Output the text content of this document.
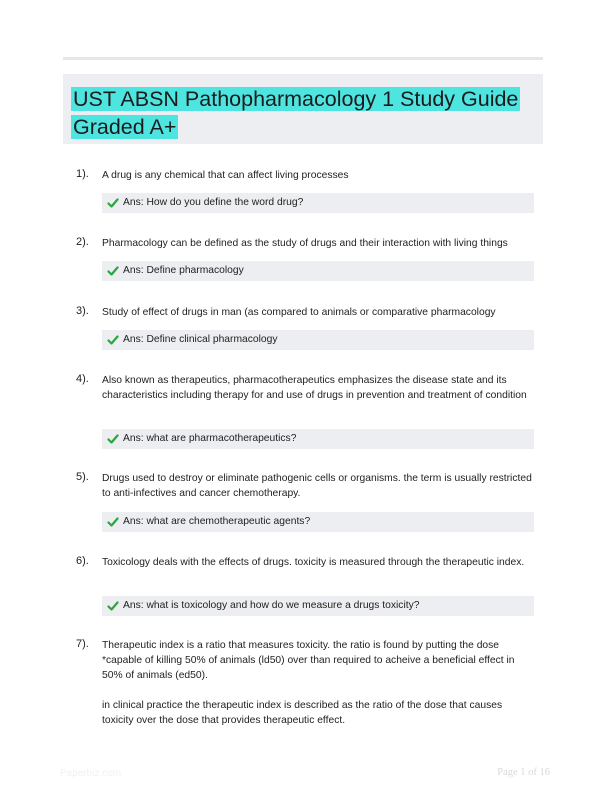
UST ABSN Pathopharmacology 1 Study Guide Graded A+
1). A drug is any chemical that can affect living processes

Ans: How do you define the word drug?
2). Pharmacology can be defined as the study of drugs and their interaction with living things

Ans: Define pharmacology
3). Study of effect of drugs in man (as compared to animals or comparative pharmacology

Ans: Define clinical pharmacology
4). Also known as therapeutics, pharmacotherapeutics emphasizes the disease state and its characteristics including therapy for and use of drugs in prevention and treatment of condition

Ans: what are pharmacotherapeutics?
5). Drugs used to destroy or eliminate pathogenic cells or organisms. the term is usually restricted to anti-infectives and cancer chemotherapy.

Ans: what are chemotherapeutic agents?
6). Toxicology deals with the effects of drugs. toxicity is measured through the therapeutic index.

Ans: what is toxicology and how do we measure a drugs toxicity?
7). Therapeutic index is a ratio that measures toxicity. the ratio is found by putting the dose *capable of killing 50% of animals (ld50) over than required to acheive a beneficial effect in 50% of animals (ed50).

in clinical practice the therapeutic index is described as the ratio of the dose that causes toxicity over the dose that provides therapeutic effect.

Paperbiz.com	Page 1 of 16
